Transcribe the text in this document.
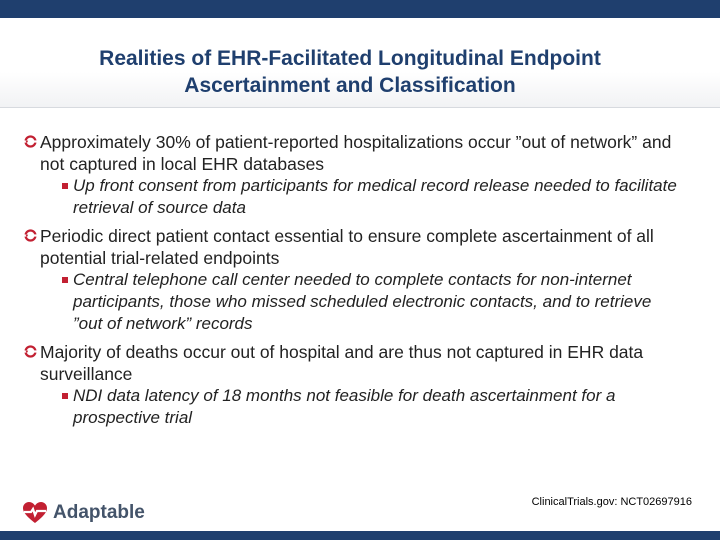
Realities of EHR-Facilitated Longitudinal Endpoint
Ascertainment and Classification
Approximately 30% of patient-reported hospitalizations occur ”out of network” and not captured in local EHR databases
Up front consent from participants for medical record release needed to facilitate retrieval of source data
Periodic direct patient contact essential to ensure complete ascertainment of all potential trial-related endpoints
Central telephone call center needed to complete contacts for non-internet participants, those who missed scheduled electronic contacts, and to retrieve ”out of network” records
Majority of deaths occur out of hospital and are thus not captured in EHR data surveillance
NDI data latency of 18 months not feasible for death ascertainment for a prospective trial
Adaptable	ClinicalTrials.gov: NCT02697916
